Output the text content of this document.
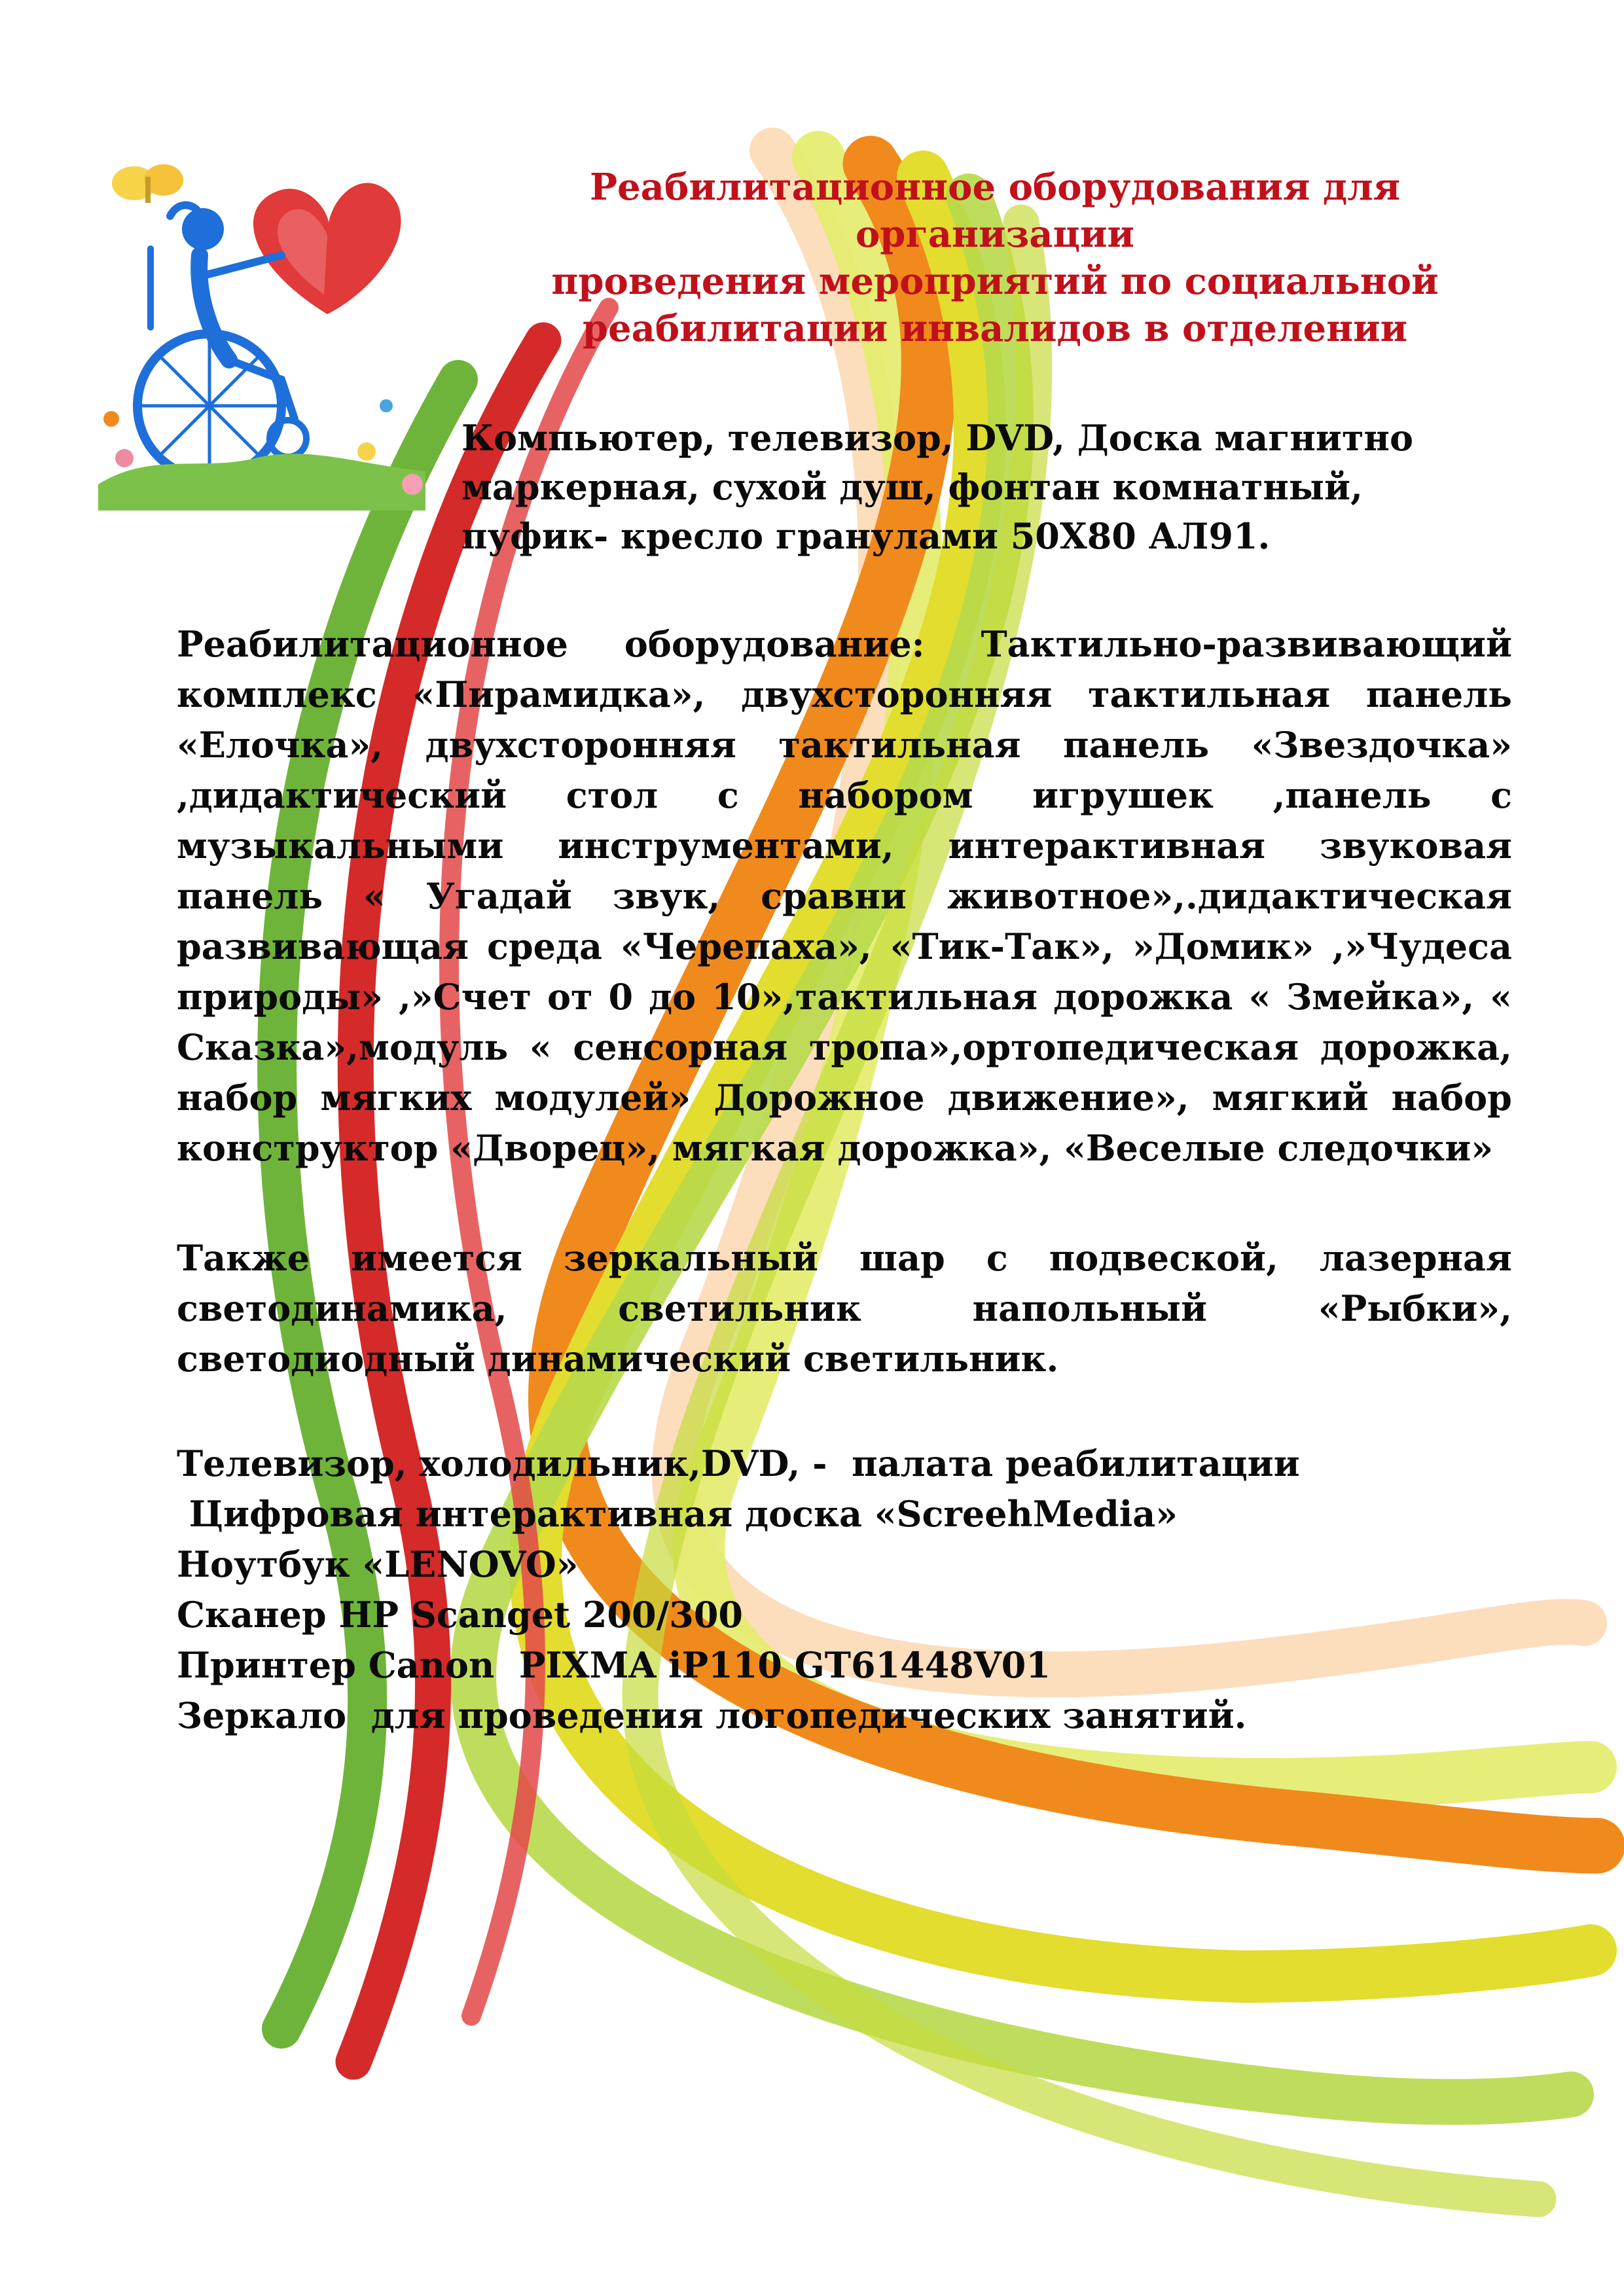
Реабилитационное оборудования для
организации
проведения мероприятий по социальной
реабилитации инвалидов в отделении
Компьютер, телевизор, DVD, Доска магнитно
маркерная, сухой душ, фонтан комнатный,
пуфик- кресло гранулами 50Х80 АЛ91.
Реабилитационное оборудование: Тактильно-развивающий
комплекс «Пирамидка», двухсторонняя тактильная панель
«Елочка», двухсторонняя тактильная панель «Звездочка»
,дидактический стол с набором игрушек ,панель с
музыкальными инструментами, интерактивная звуковая
панель « Угадай звук, сравни животное»,.дидактическая
развивающая среда «Черепаха», «Тик-Так», »Домик» ,»Чудеса
природы» ,»Счет от 0 до 10»,тактильная дорожка « Змейка», «
Сказка»,модуль « сенсорная тропа»,ортопедическая дорожка,
набор мягких модулей» Дорожное движение», мягкий набор
конструктор «Дворец», мягкая дорожка», «Веселые следочки»
Также имеется зеркальный шар с подвеской, лазерная
светодинамика,	светильник	напольный	«Рыбки»,
светодиодный динамический светильник.
Телевизор, холодильник,DVD, -  палата реабилитации
Цифровая интерактивная доска «ScreehMedia»
Ноутбук «LENOVO»
Сканер HP Scanget 200/300
Принтер Canon  PIXMA iP110 GT61448V01
Зеркало  для проведения логопедических занятий.
